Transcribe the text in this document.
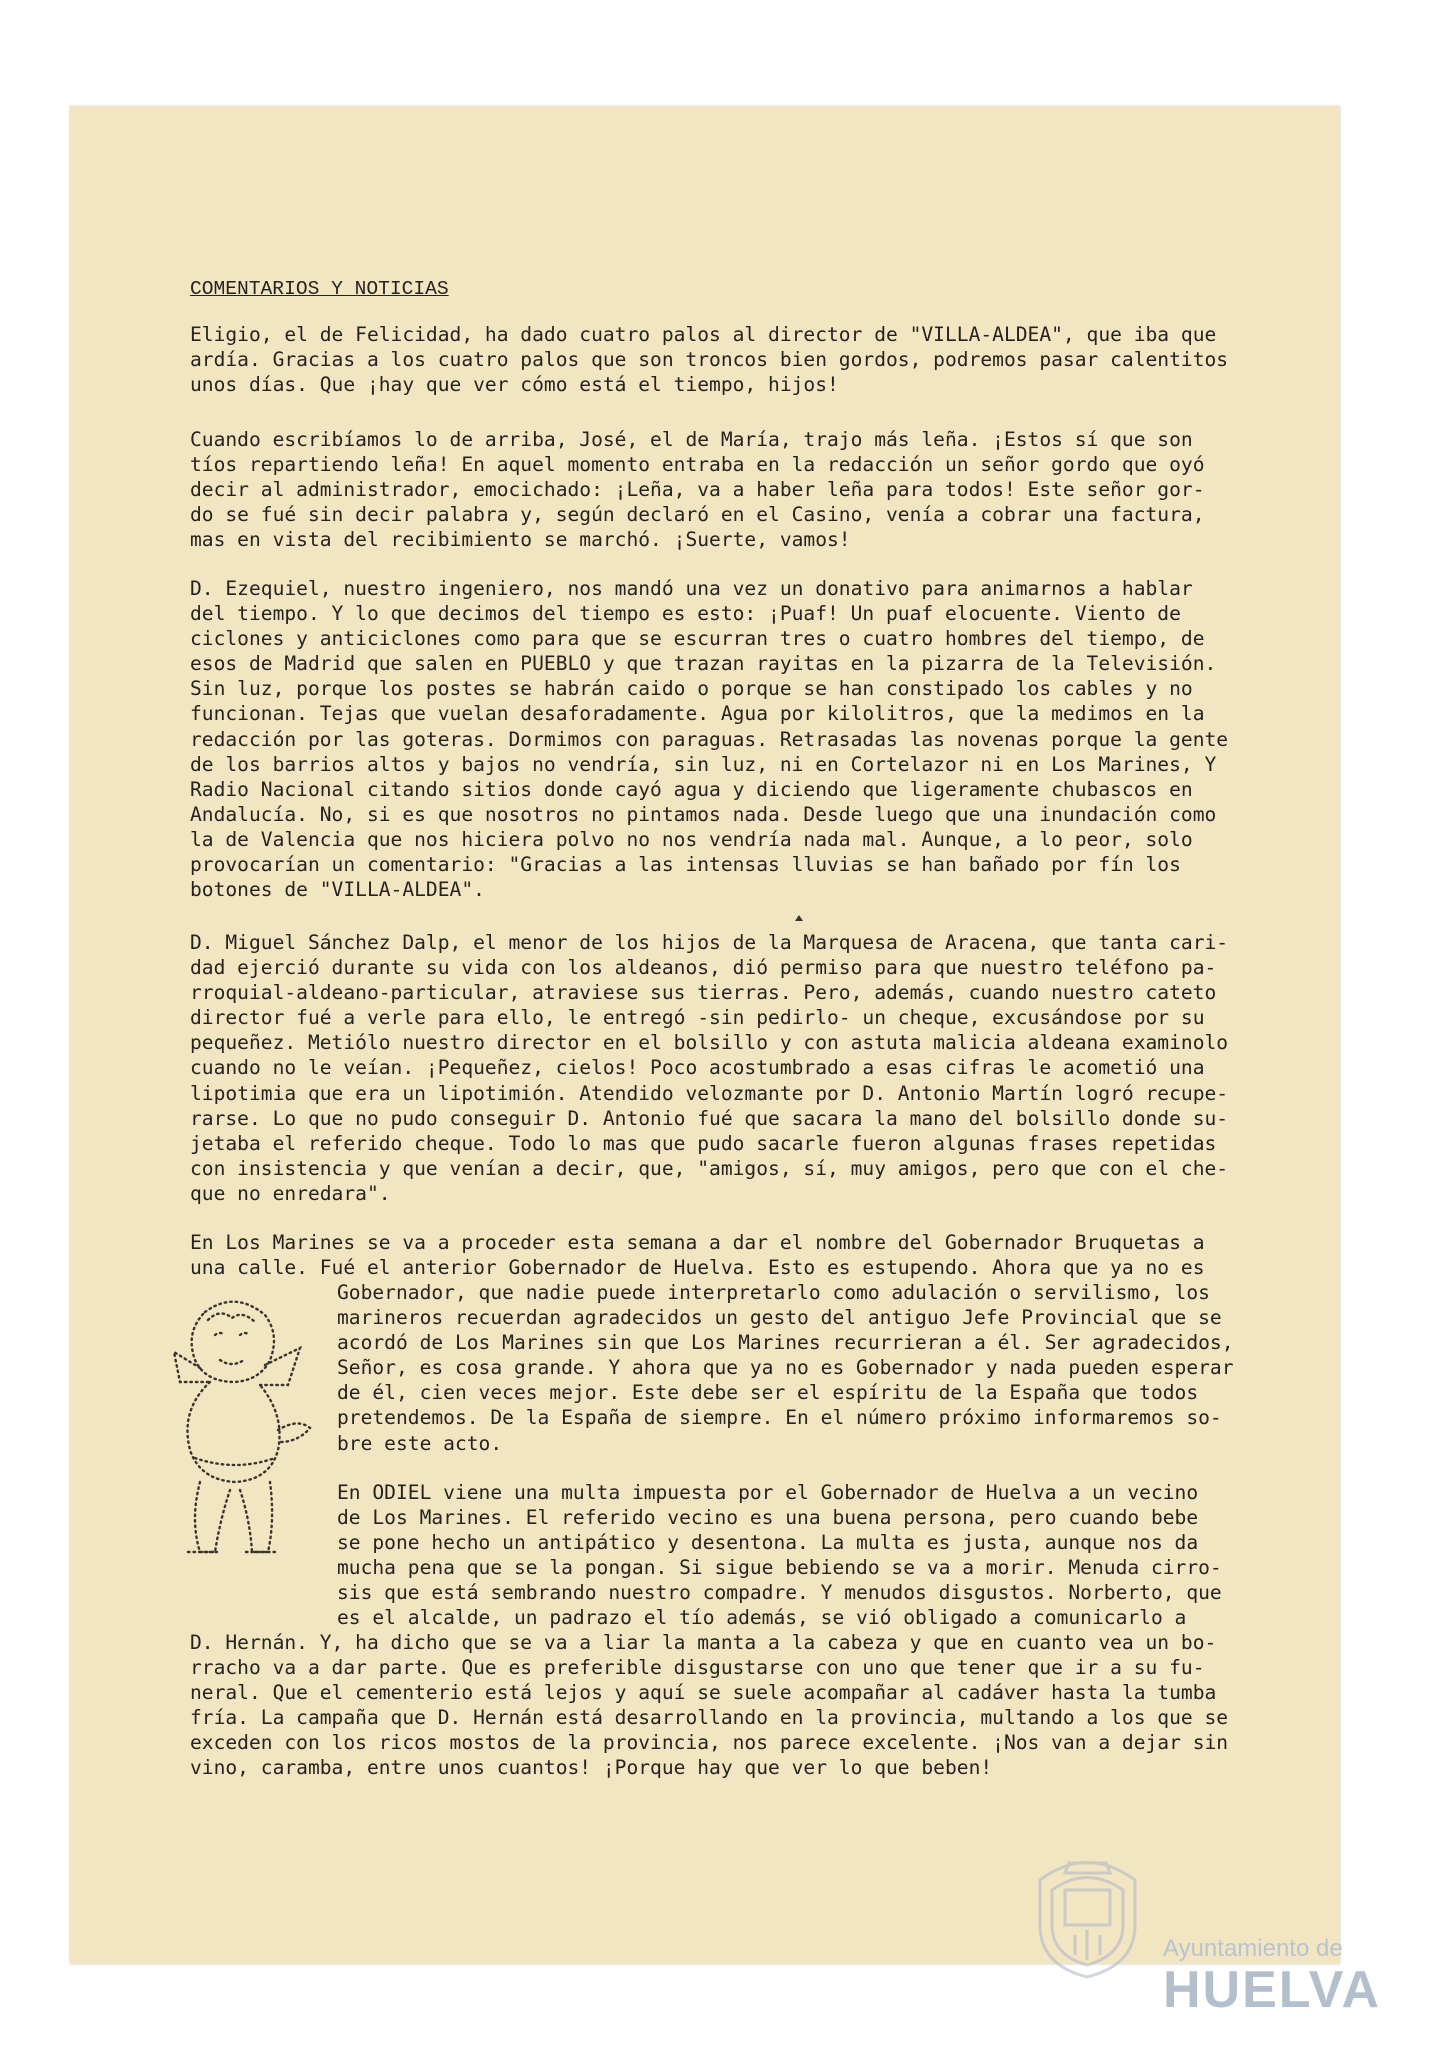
COMENTARIOS Y NOTICIAS
Eligio, el de Felicidad, ha dado cuatro palos al director de "VILLA-ALDEA", que iba que
ardía. Gracias a los cuatro palos que son troncos bien gordos, podremos pasar calentitos
unos días. Que ¡hay que ver cómo está el tiempo, hijos!
Cuando escribíamos lo de arriba, José, el de María, trajo más leña. ¡Estos sí que son
tíos repartiendo leña! En aquel momento entraba en la redacción un señor gordo que oyó
decir al administrador, emocichado: ¡Leña, va a haber leña para todos! Este señor gor-
do se fué sin decir palabra y, según declaró en el Casino, venía a cobrar una factura,
mas en vista del recibimiento se marchó. ¡Suerte, vamos!
D. Ezequiel, nuestro ingeniero, nos mandó una vez un donativo para animarnos a hablar
del tiempo. Y lo que decimos del tiempo es esto: ¡Puaf! Un puaf elocuente. Viento de
ciclones y anticiclones como para que se escurran tres o cuatro hombres del tiempo, de
esos de Madrid que salen en PUEBLO y que trazan rayitas en la pizarra de la Televisión.
Sin luz, porque los postes se habrán caido o porque se han constipado los cables y no
funcionan. Tejas que vuelan desaforadamente. Agua por kilolitros, que la medimos en la
redacción por las goteras. Dormimos con paraguas. Retrasadas las novenas porque la gente
de los barrios altos y bajos no vendría, sin luz, ni en Cortelazor ni en Los Marines, Y
Radio Nacional citando sitios donde cayó agua y diciendo que ligeramente chubascos en
Andalucía. No, si es que nosotros no pintamos nada. Desde luego que una inundación como
la de Valencia que nos hiciera polvo no nos vendría nada mal. Aunque, a lo peor, solo
provocarían un comentario: "Gracias a las intensas lluvias se han bañado por fín los
botones de "VILLA-ALDEA".
D. Miguel Sánchez Dalp, el menor de los hijos de la Marquesa de Aracena, que tanta cari-
dad ejerció durante su vida con los aldeanos, dió permiso para que nuestro teléfono pa-
rroquial-aldeano-particular, atraviese sus tierras. Pero, además, cuando nuestro cateto
director fué a verle para ello, le entregó -sin pedirlo- un cheque, excusándose por su
pequeñez. Metiólo nuestro director en el bolsillo y con astuta malicia aldeana examinolo
cuando no le veían. ¡Pequeñez, cielos! Poco acostumbrado a esas cifras le acometió una
lipotimia que era un lipotimión. Atendido velozmante por D. Antonio Martín logró recupe-
rarse. Lo que no pudo conseguir D. Antonio fué que sacara la mano del bolsillo donde su-
jetaba el referido cheque. Todo lo mas que pudo sacarle fueron algunas frases repetidas
con insistencia y que venían a decir, que, "amigos, sí, muy amigos, pero que con el che-
que no enredara".
En Los Marines se va a proceder esta semana a dar el nombre del Gobernador Bruquetas a
una calle. Fué el anterior Gobernador de Huelva. Esto es estupendo. Ahora que ya no es
Gobernador, que nadie puede interpretarlo como adulación o servilismo, los
marineros recuerdan agradecidos un gesto del antiguo Jefe Provincial que se
acordó de Los Marines sin que Los Marines recurrieran a él. Ser agradecidos,
Señor, es cosa grande. Y ahora que ya no es Gobernador y nada pueden esperar
de él, cien veces mejor. Este debe ser el espíritu de la España que todos
pretendemos. De la España de siempre. En el número próximo informaremos so-
bre este acto.
En ODIEL viene una multa impuesta por el Gobernador de Huelva a un vecino
de Los Marines. El referido vecino es una buena persona, pero cuando bebe
se pone hecho un antipático y desentona. La multa es justa, aunque nos da
mucha pena que se la pongan. Si sigue bebiendo se va a morir. Menuda cirro-
sis que está sembrando nuestro compadre. Y menudos disgustos. Norberto, que
es el alcalde, un padrazo el tío además, se vió obligado a comunicarlo a
D. Hernán. Y, ha dicho que se va a liar la manta a la cabeza y que en cuanto vea un bo-
rracho va a dar parte. Que es preferible disgustarse con uno que tener que ir a su fu-
neral. Que el cementerio está lejos y aquí se suele acompañar al cadáver hasta la tumba
fría. La campaña que D. Hernán está desarrollando en la provincia, multando a los que se
exceden con los ricos mostos de la provincia, nos parece excelente. ¡Nos van a dejar sin
vino, caramba, entre unos cuantos! ¡Porque hay que ver lo que beben!
Ayuntamiento de
HUELVA
